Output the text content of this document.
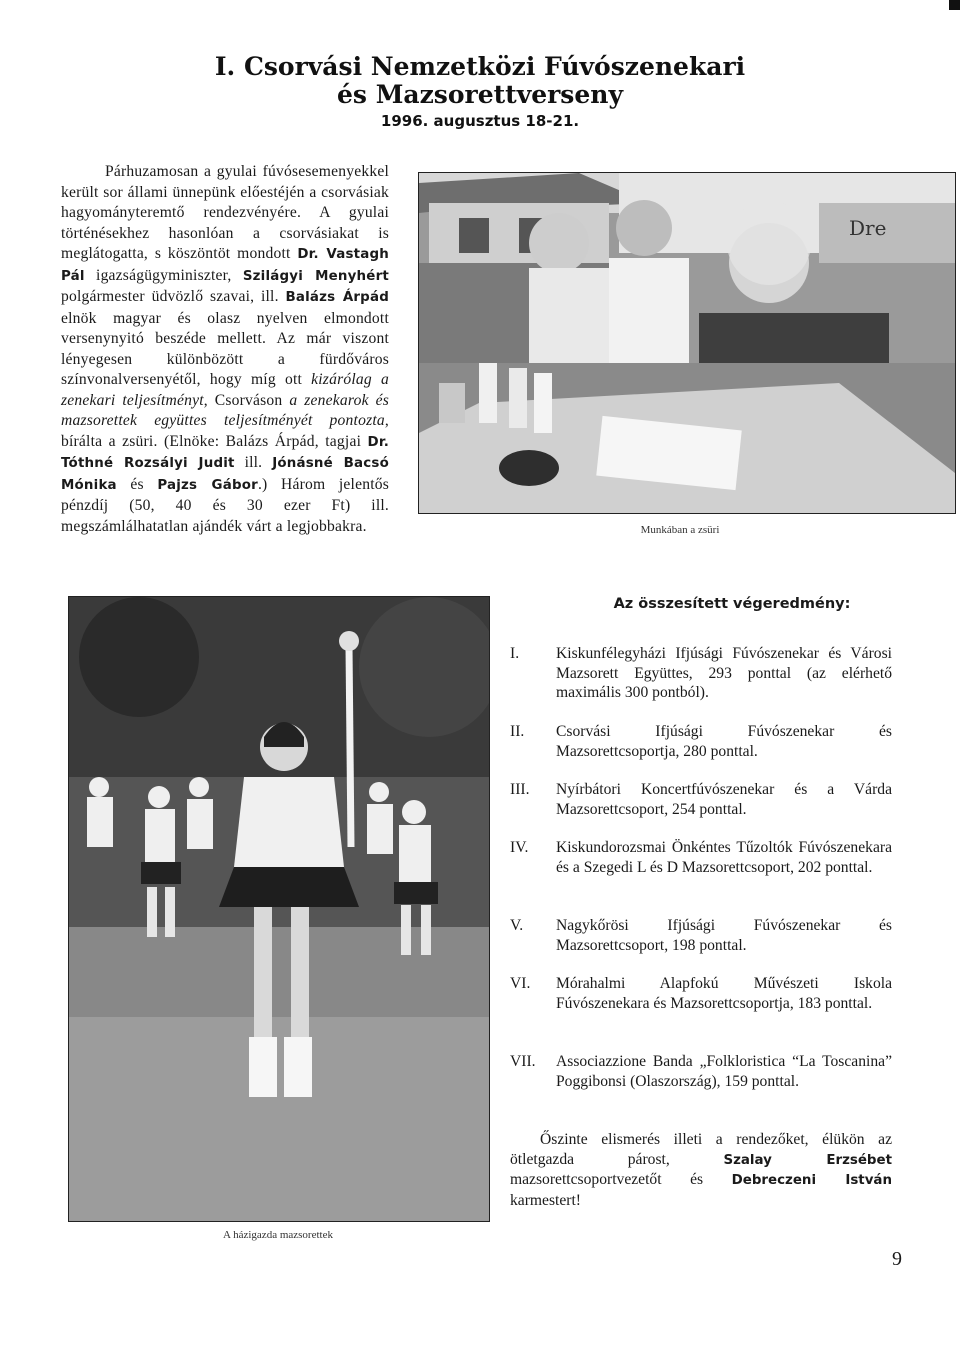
I. Csorvási Nemzetközi Fúvószenekari
és Mazsorettverseny
1996. augusztus 18-21.

Párhuzamosan a gyulai fúvósesemenyekkel került sor állami ünnepünk előestéjén a csorvásiak hagyományteremtő rendezvényére. A gyulai történésekhez hasonlóan a csorvásiakat is meglátogatta, s köszöntöt mondott Dr. Vastagh Pál igazságügyminiszter, Szilágyi Menyhért polgármester üdvözlő szavai, ill. Balázs Árpád elnök magyar és olasz nyelven elmondott versenynyitó beszéde mellett. Az már viszont lényegesen különbözött a fürdőváros színvonalversenyétől, hogy míg ott kizárólag a zenekari teljesítményt, Csorváson a zenekarok és mazsorettek együttes teljesítményét pontozta, bírálta a zsüri. (Elnöke: Balázs Árpád, tagjai Dr. Tóthné Rozsályi Judit ill. Jónásné Bacsó Mónika és Pajzs Gábor.) Három jelentős pénzdíj (50, 40 és 30 ezer Ft) ill. megszámlálhatatlan ajándék várt a legjobbakra.

Dre
Munkában a zsüri
A házigazda mazsorettek
Az összesített végeredmény:
I.	Kiskunfélegyházi Ifjúsági Fúvószenekar és Városi Mazsorett Együttes, 293 ponttal (az elérhető maximális 300 pontból).
II.	Csorvási Ifjúsági Fúvószenekar és Mazsorettcsoportja, 280 ponttal.
III.	Nyírbátori Koncertfúvószenekar és a Várda Mazsorettcsoport, 254 ponttal.
IV.	Kiskundorozsmai Önkéntes Tűzoltók Fúvószenekara és a Szegedi L és D Mazsorettcsoport, 202 ponttal.
V.	Nagykőrösi Ifjúsági Fúvószenekar és Mazsorettcsoport, 198 ponttal.
VI.	Mórahalmi Alapfokú Művészeti Iskola Fúvószenekara és Mazsorettcsoportja, 183 ponttal.
VII.	Associazzione Banda „Folkloristica “La Toscanina” Poggibonsi (Olaszország), 159 ponttal.

Őszinte elismerés illeti a rendezőket, élükön az ötletgazda párost, Szalay Erzsébet mazsorettcsoportvezetőt és Debreczeni István karmestert!

9
